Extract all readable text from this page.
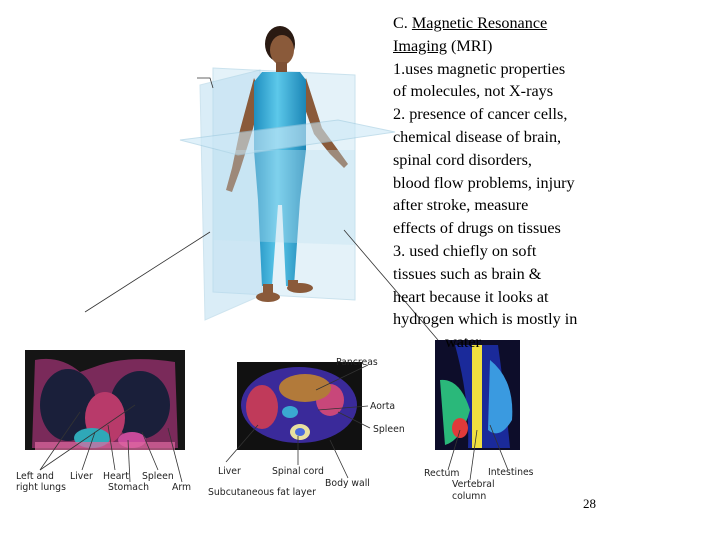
C. Magnetic Resonance
Imaging (MRI)
1.uses magnetic properties
of molecules, not X-rays
2. presence of cancer cells,
chemical disease of brain,
spinal cord disorders,
blood flow problems, injury
after stroke, measure
effects of drugs on tissues
3. used chiefly on soft
tissues such as brain &
heart because it looks at
hydrogen which is mostly in
water
Pancreas
Aorta
Spleen
Liver	Spinal cord
Body wall
Subcutaneous fat layer
Left and
right lungs
Liver Heart Spleen
Stomach Arm
Rectum	Intestines
Vertebral
column	28
